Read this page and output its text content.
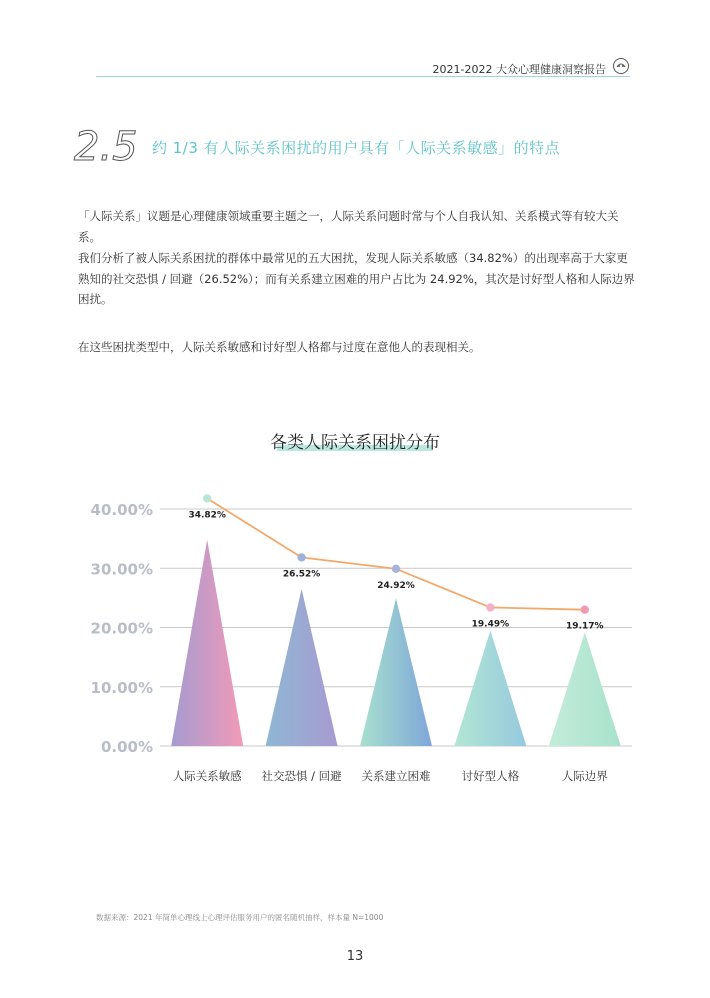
2021-2022 大众心理健康洞察报告
2.5 约 1/3 有人际关系困扰的用户具有「人际关系敏感」的特点
「人际关系」议题是心理健康领域重要主题之一，人际关系问题时常与个人自我认知、关系模式等有较大关系。
我们分析了被人际关系困扰的群体中最常见的五大困扰，发现人际关系敏感（34.82%）的出现率高于大家更熟知的社交恐惧 / 回避（26.52%）；而有关系建立困难的用户占比为 24.92%，其次是讨好型人格和人际边界困扰。
在这些困扰类型中，人际关系敏感和讨好型人格都与过度在意他人的表现相关。
各类人际关系困扰分布
0.00%
10.00%
20.00%
30.00%
40.00%
人际关系敏感 社交恐惧 / 回避 关系建立困难	讨好型人格	人际边界
34.82%
26.52%
24.92%
19.49%	19.17%
数据来源：2021 年简单心理线上心理评估服务用户的匿名随机抽样，样本量 N=1000
13
